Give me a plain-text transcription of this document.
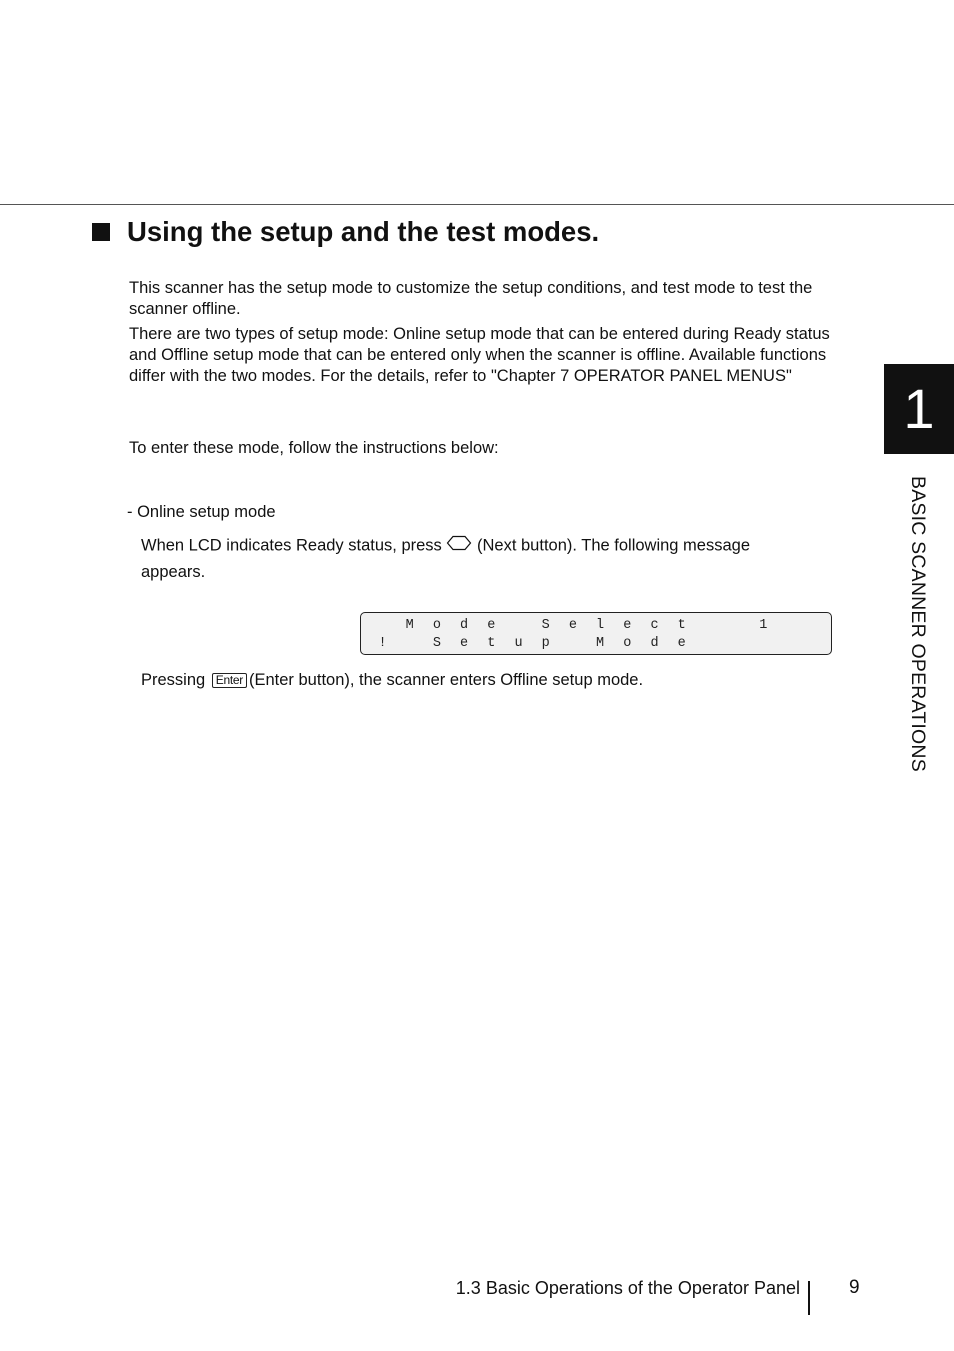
Using the setup and the test modes.

This scanner has the setup mode to customize the setup conditions, and test mode to test the scanner offline.

There are two types of setup mode: Online setup mode that can be entered during Ready status and Offline setup mode that can be entered only when the scanner is offline. Available functions differ with the two modes. For the details, refer to "Chapter 7 OPERATOR PANEL MENUS"

To enter these mode, follow the instructions below:

- Online setup mode

When LCD indicates Ready status, press (Next button). The following message

appears.

M	o	d	e	S	e	l	e	c	t	1
!	S	e	t	u	p	M	o	d	e

Pressing Enter (Enter button), the scanner enters Offline setup mode.

1
BASIC SCANNER OPERATIONS
1.3 Basic Operations of the Operator Panel	9
